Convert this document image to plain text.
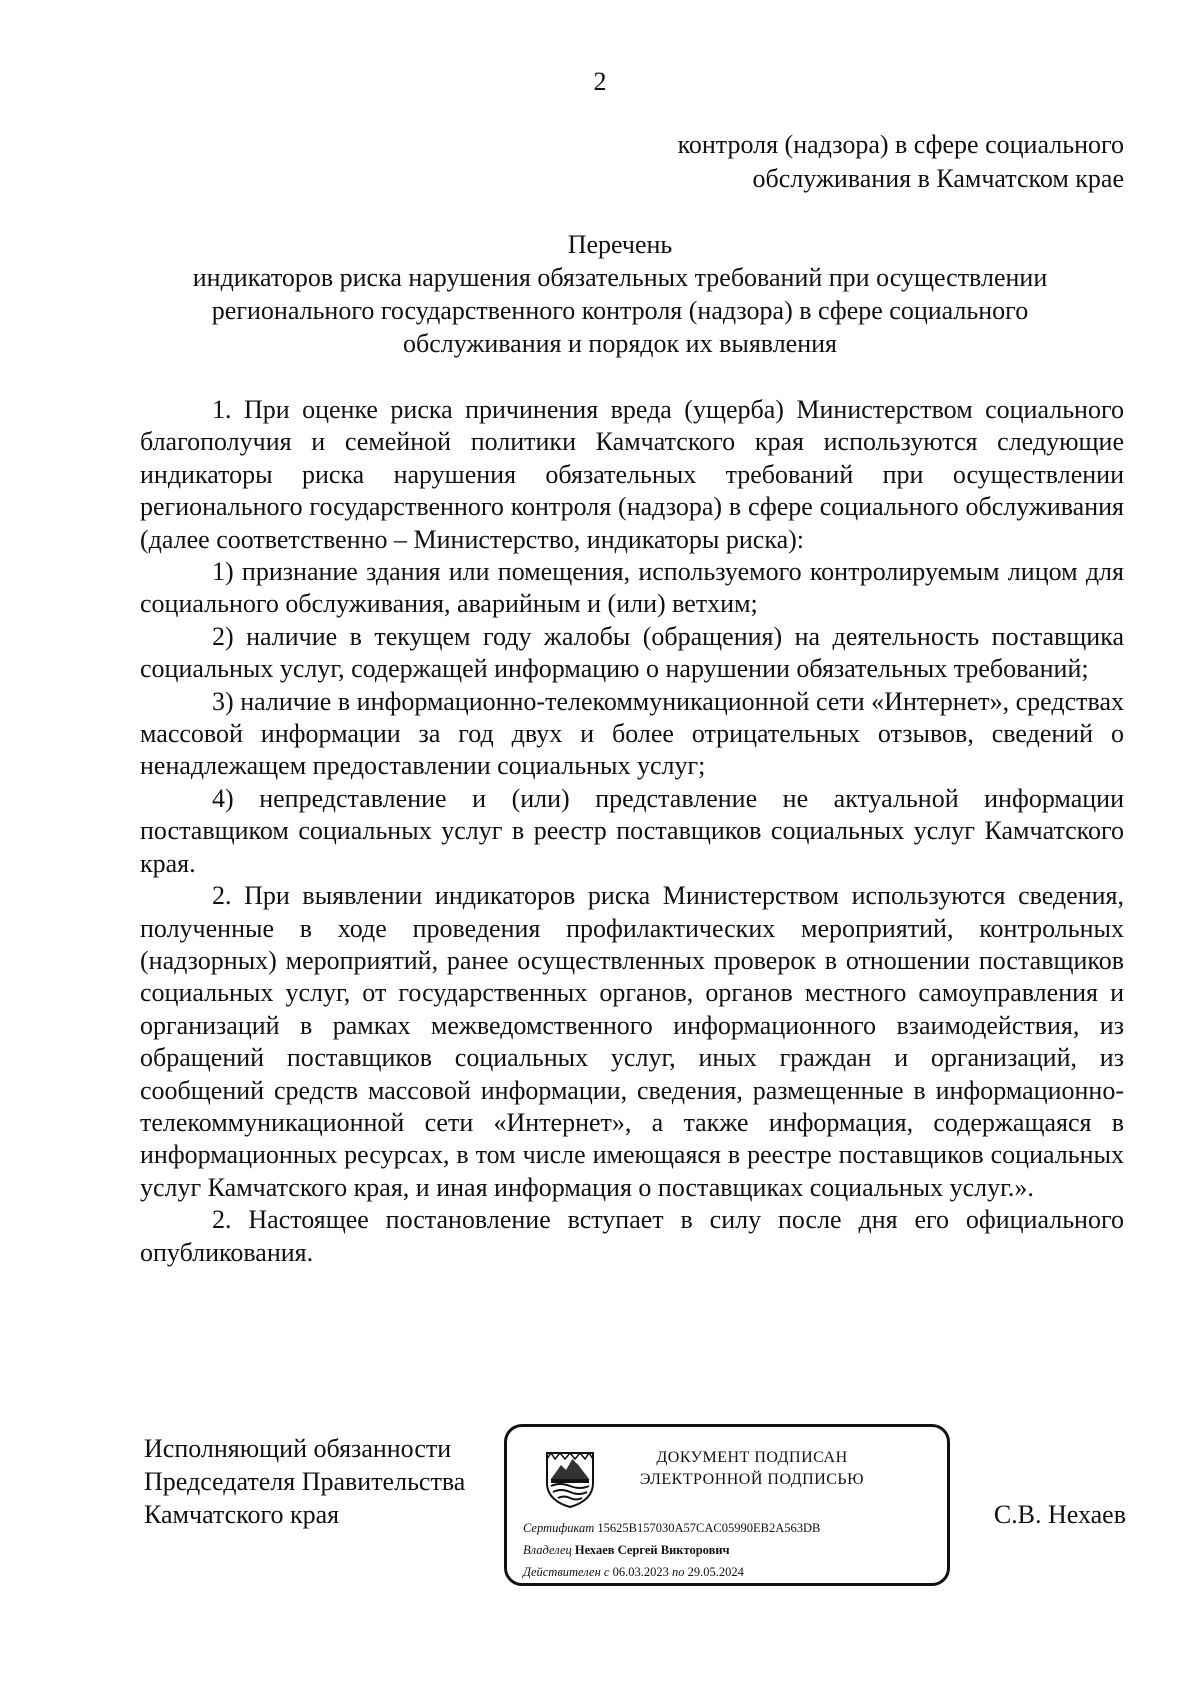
2
контроля (надзора) в сфере социального
обслуживания в Камчатском крае
Перечень
индикаторов риска нарушения обязательных требований при осуществлении
регионального государственного контроля (надзора) в сфере социального
обслуживания и порядок их выявления

1. При оценке риска причинения вреда (ущерба) Министерством социального благополучия и семейной политики Камчатского края используются следующие индикаторы риска нарушения обязательных требований при осуществлении регионального государственного контроля (надзора) в сфере социального обслуживания (далее соответственно – Министерство, индикаторы риска):

1) признание здания или помещения, используемого контролируемым лицом для социального обслуживания, аварийным и (или) ветхим;

2) наличие в текущем году жалобы (обращения) на деятельность поставщика социальных услуг, содержащей информацию о нарушении обязательных требований;

3) наличие в информационно-телекоммуникационной сети «Интернет», средствах массовой информации за год двух и более отрицательных отзывов, сведений о ненадлежащем предоставлении социальных услуг;

4) непредставление и (или) представление не актуальной информации поставщиком социальных услуг в реестр поставщиков социальных услуг Камчатского края.

2. При выявлении индикаторов риска Министерством используются сведения, полученные в ходе проведения профилактических мероприятий, контрольных (надзорных) мероприятий, ранее осуществленных проверок в отношении поставщиков социальных услуг, от государственных органов, органов местного самоуправления и организаций в рамках межведомственного информационного взаимодействия, из обращений поставщиков социальных услуг, иных граждан и организаций, из сообщений средств массовой информации, сведения, размещенные в информационно-телекоммуникационной сети «Интернет», а также информация, содержащаяся в информационных ресурсах, в том числе имеющаяся в реестре поставщиков социальных услуг Камчатского края, и иная информация о поставщиках социальных услуг.».

2. Настоящее постановление вступает в силу после дня его официального опубликования.

Исполняющий обязанности
Председателя Правительства
Камчатского края
ДОКУМЕНТ ПОДПИСАН
ЭЛЕКТРОННОЙ ПОДПИСЬЮ
Сертификат 15625B157030A57CAC05990EB2A563DB
Владелец Нехаев Сергей Викторович
Действителен с 06.03.2023 по 29.05.2024
С.В. Нехаев
